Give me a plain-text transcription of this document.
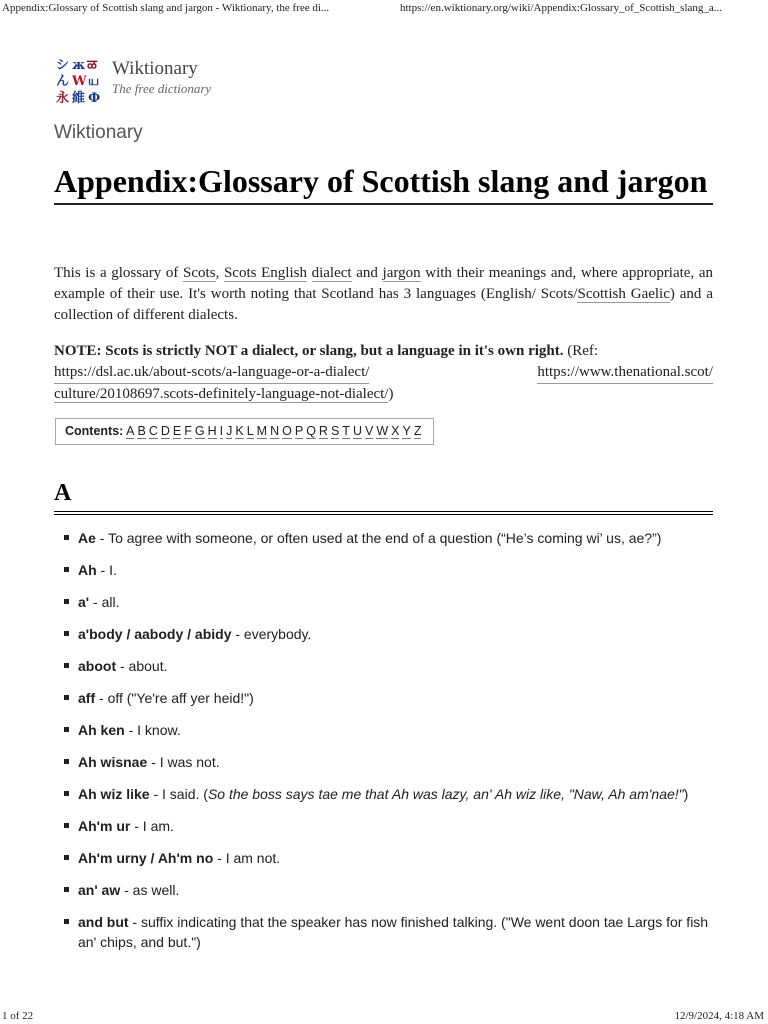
Appendix:Glossary of Scottish slang and jargon - Wiktionary, the free di...	https://en.wiktionary.org/wiki/Appendix:Glossary_of_Scottish_slang_a...
シ ж ळ
ん W ய
永 維 Ф
Wiktionary
The free dictionary
Wiktionary
Appendix:Glossary of Scottish slang and jargon

This is a glossary of Scots, Scots English dialect and jargon with their meanings and, where appropriate, an example of their use. It's worth noting that Scotland has 3 languages (English/ Scots/Scottish Gaelic) and a collection of different dialects.

NOTE: Scots is strictly NOT a dialect, or slang, but a language in it's own right. (Ref:
https://dsl.ac.uk/about-scots/a-language-or-a-dialect/	https://www.thenational.scot/
culture/20108697.scots-definitely-language-not-dialect/)
Contents: A B C D E F G H I J K L M N O P Q R S T U V W X Y Z
A
Ae - To agree with someone, or often used at the end of a question (“He’s coming wi’ us, ae?”)
Ah - I.
a' - all.
a'body / aabody / abidy - everybody.
aboot - about.
aff - off ("Ye're aff yer heid!")
Ah ken - I know.
Ah wisnae - I was not.
Ah wiz like - I said. (So the boss says tae me that Ah was lazy, an' Ah wiz like, "Naw, Ah am'nae!")
Ah'm ur - I am.
Ah'm urny / Ah'm no - I am not.
an' aw - as well.
and but - suffix indicating that the speaker has now finished talking. ("We went doon tae Largs for fish an' chips, and but.")
1 of 22	12/9/2024, 4:18 AM
